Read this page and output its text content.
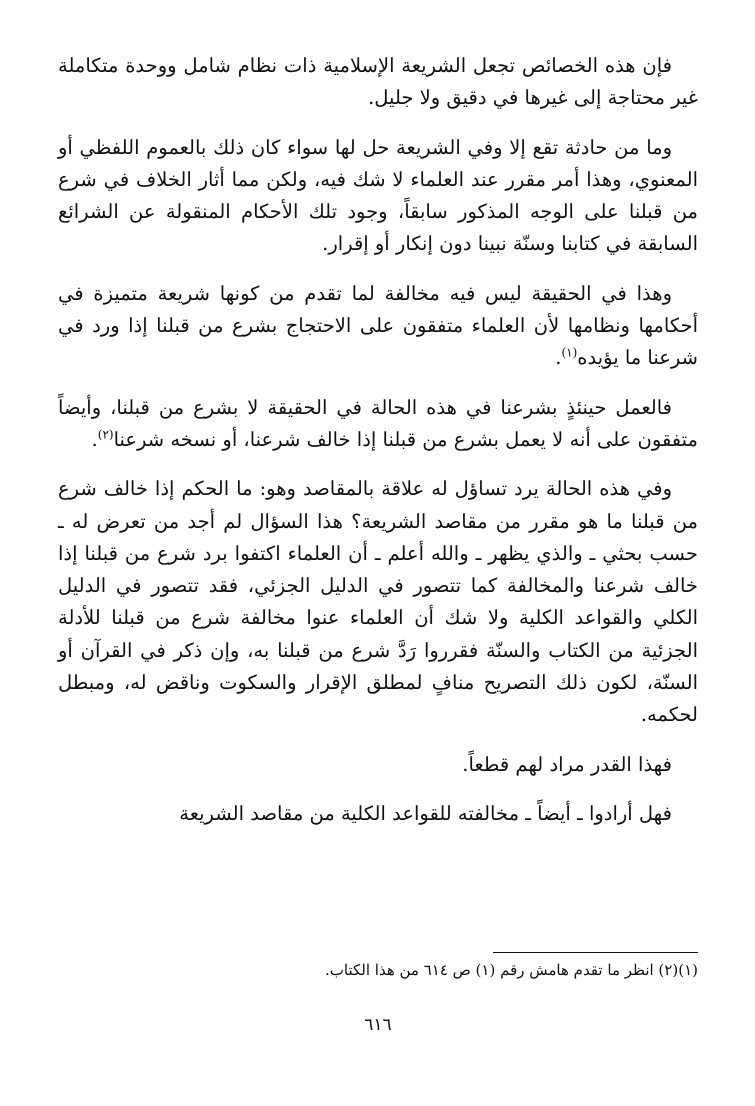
فإن هذه الخصائص تجعل الشريعة الإسلامية ذات نظام شامل ووحدة متكاملة غير محتاجة إلى غيرها في دقيق ولا جليل.

وما من حادثة تقع إلا وفي الشريعة حل لها سواء كان ذلك بالعموم اللفظي أو المعنوي، وهذا أمر مقرر عند العلماء لا شك فيه، ولكن مما أثار الخلاف في شرع من قبلنا على الوجه المذكور سابقاً، وجود تلك الأحكام المنقولة عن الشرائع السابقة في كتابنا وسنّة نبينا دون إنكار أو إقرار.

وهذا في الحقيقة ليس فيه مخالفة لما تقدم من كونها شريعة متميزة في أحكامها ونظامها لأن العلماء متفقون على الاحتجاج بشرع من قبلنا إذا ورد في شرعنا ما يؤيده$^{(١)}$.

فالعمل حينئذٍ بشرعنا في هذه الحالة في الحقيقة لا بشرع من قبلنا، وأيضاً متفقون على أنه لا يعمل بشرع من قبلنا إذا خالف شرعنا، أو نسخه شرعنا$^{(٢)}$.

وفي هذه الحالة يرد تساؤل له علاقة بالمقاصد وهو: ما الحكم إذا خالف شرع من قبلنا ما هو مقرر من مقاصد الشريعة؟ هذا السؤال لم أجد من تعرض له ـ حسب بحثي ـ والذي يظهر ـ والله أعلم ـ أن العلماء اكتفوا برد شرع من قبلنا إذا خالف شرعنا والمخالفة كما تتصور في الدليل الجزئي، فقد تتصور في الدليل الكلي والقواعد الكلية ولا شك أن العلماء عنوا مخالفة شرع من قبلنا للأدلة الجزئية من الكتاب والسنّة فقرروا رَدَّ شرع من قبلنا به، وإن ذكر في القرآن أو السنّة، لكون ذلك التصريح منافٍ لمطلق الإقرار والسكوت وناقض له، ومبطل لحكمه.

فهذا القدر مراد لهم قطعاً.

فهل أرادوا ـ أيضاً ـ مخالفته للقواعد الكلية من مقاصد الشريعة

(١)(٢) انظر ما تقدم هامش رقم (١) ص ٦١٤ من هذا الكتاب.

٦١٦
